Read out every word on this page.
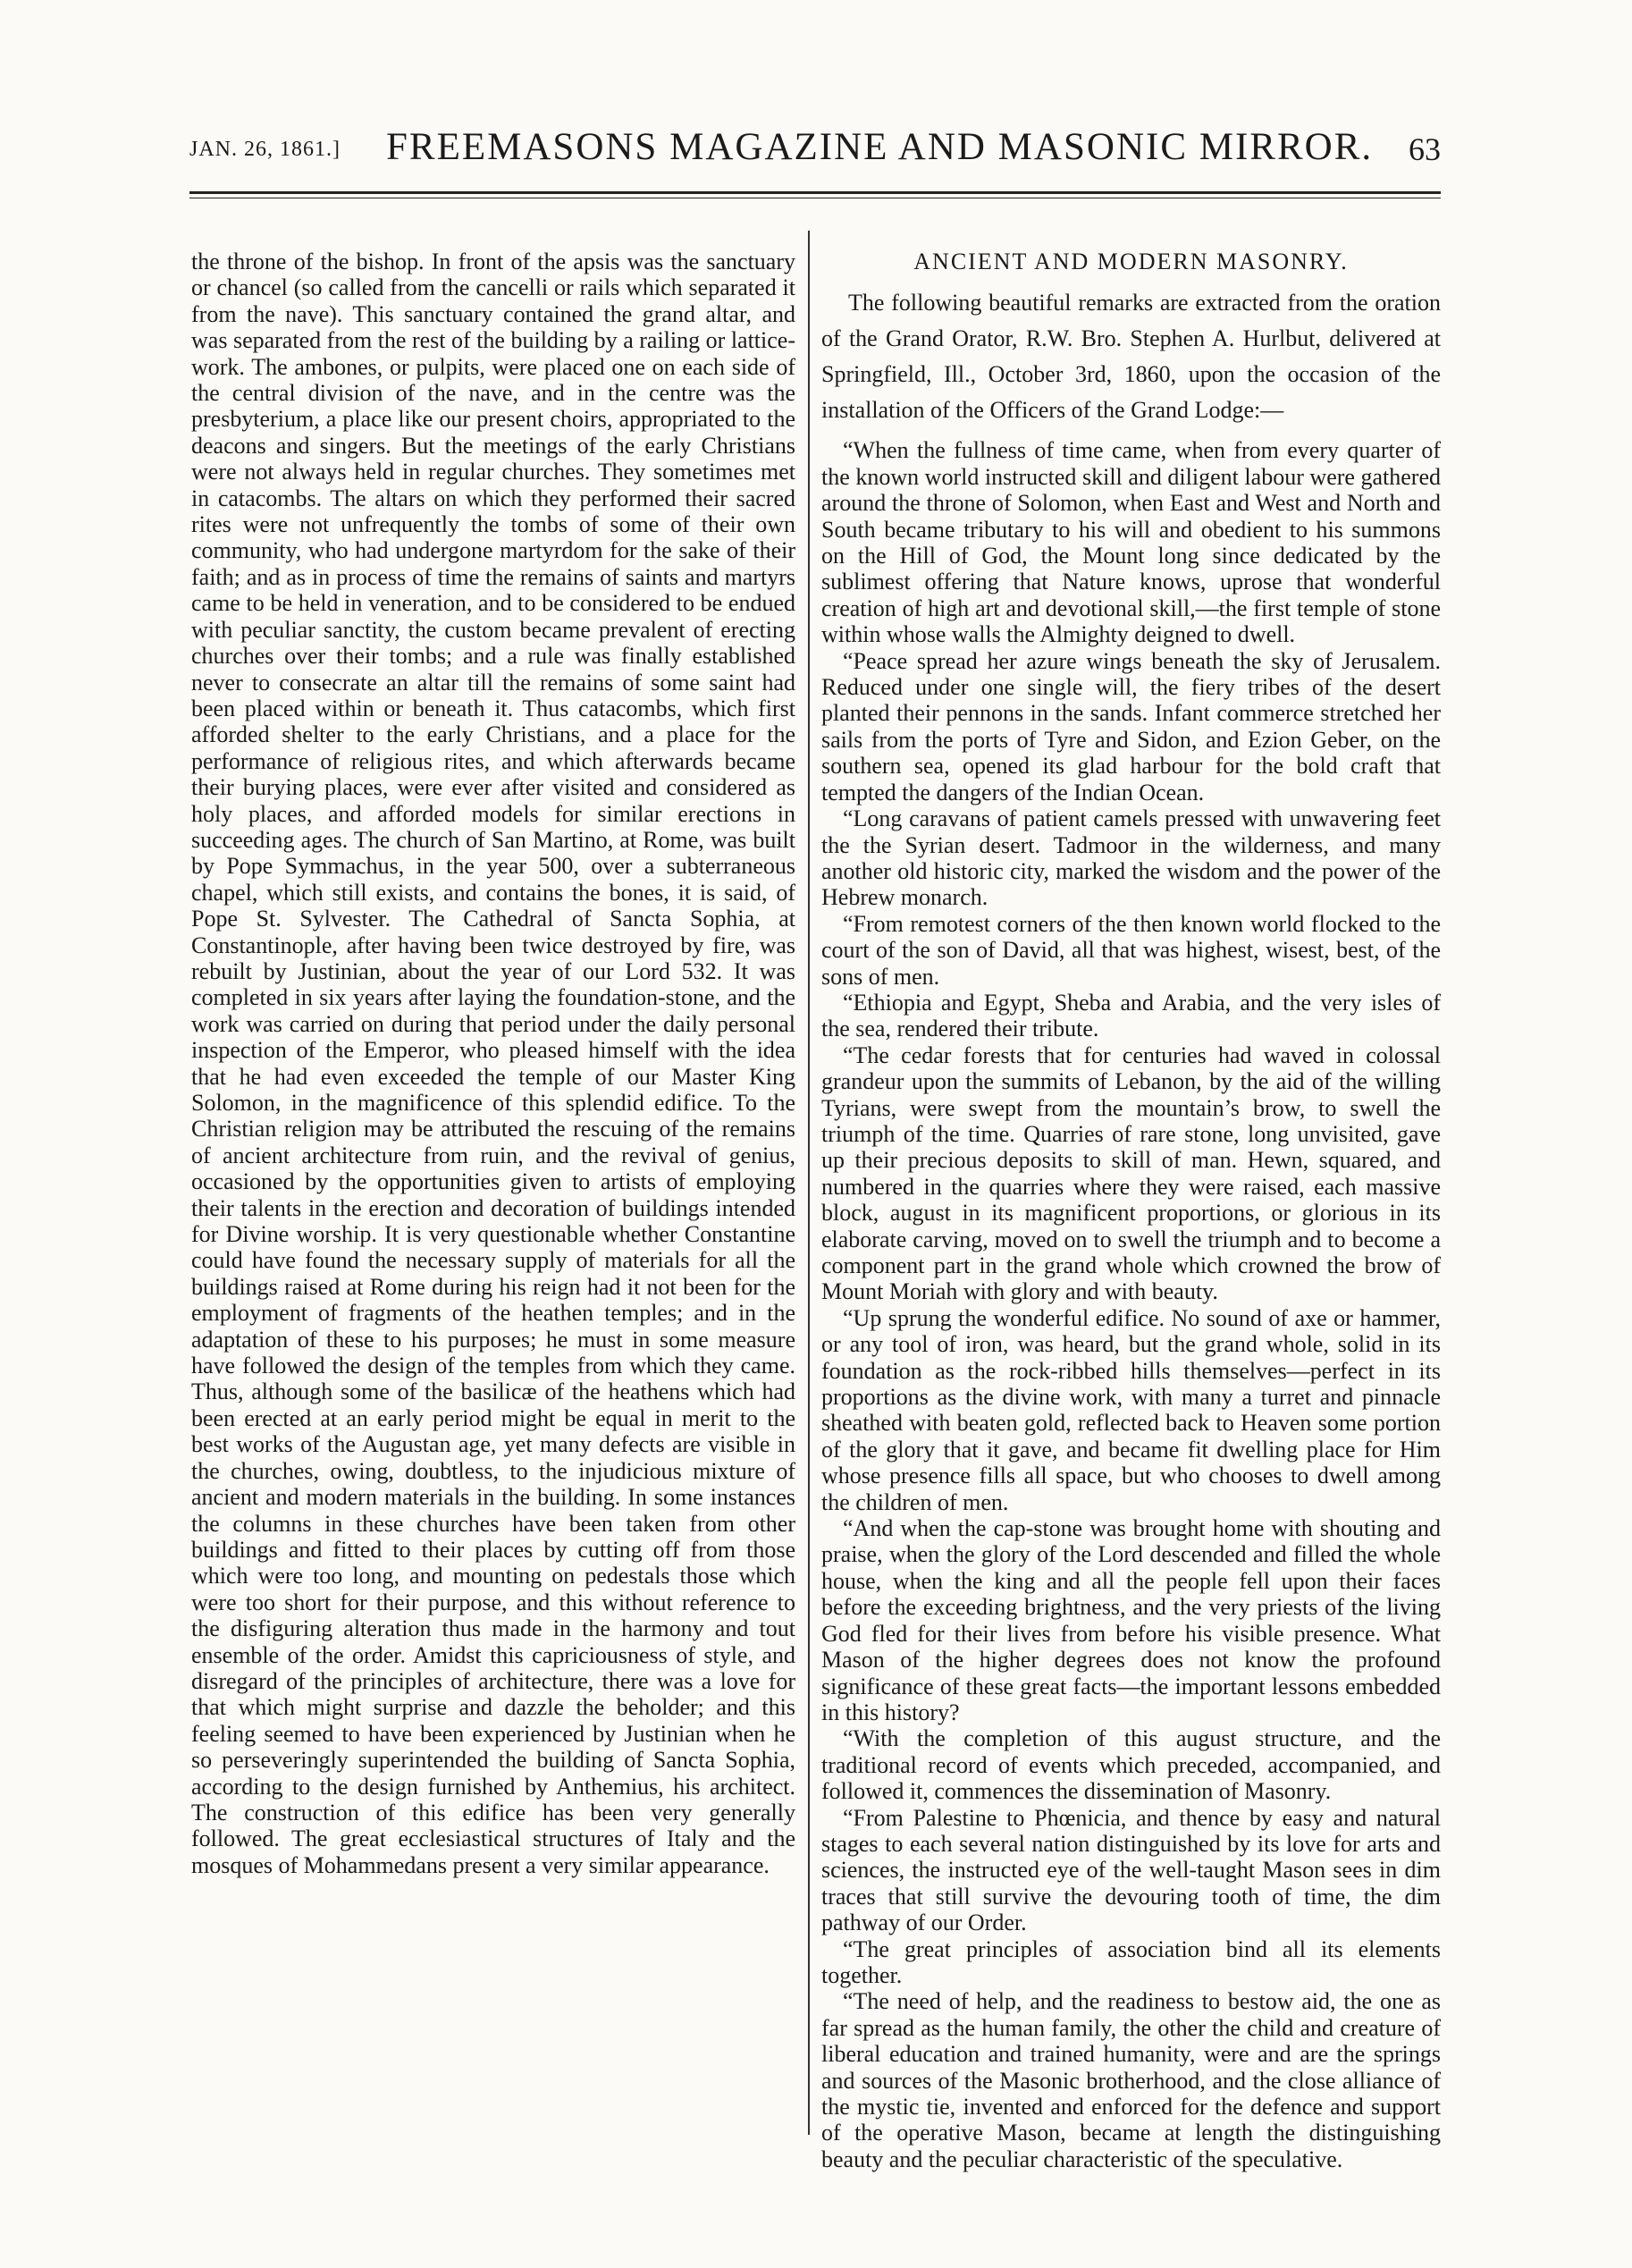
JAN. 26, 1861.] FREEMASONS MAGAZINE AND MASONIC MIRROR. 63

the throne of the bishop. In front of the apsis was the sanctuary or chancel (so called from the cancelli or rails which separated it from the nave). This sanctuary contained the grand altar, and was separated from the rest of the building by a railing or lattice-work. The ambones, or pulpits, were placed one on each side of the central division of the nave, and in the centre was the presbyterium, a place like our present choirs, appropriated to the deacons and singers. But the meetings of the early Christians were not always held in regular churches. They sometimes met in catacombs. The altars on which they performed their sacred rites were not unfrequently the tombs of some of their own community, who had undergone martyrdom for the sake of their faith; and as in process of time the remains of saints and martyrs came to be held in veneration, and to be considered to be endued with peculiar sanctity, the custom became prevalent of erecting churches over their tombs; and a rule was finally established never to consecrate an altar till the remains of some saint had been placed within or beneath it. Thus catacombs, which first afforded shelter to the early Christians, and a place for the performance of religious rites, and which afterwards became their burying places, were ever after visited and considered as holy places, and afforded models for similar erections in succeeding ages. The church of San Martino, at Rome, was built by Pope Symmachus, in the year 500, over a subterraneous chapel, which still exists, and contains the bones, it is said, of Pope St. Sylvester. The Cathedral of Sancta Sophia, at Constantinople, after having been twice destroyed by fire, was rebuilt by Justinian, about the year of our Lord 532. It was completed in six years after laying the foundation-stone, and the work was carried on during that period under the daily personal inspection of the Emperor, who pleased himself with the idea that he had even exceeded the temple of our Master King Solomon, in the magnificence of this splendid edifice. To the Christian religion may be attributed the rescuing of the remains of ancient architecture from ruin, and the revival of genius, occasioned by the opportunities given to artists of employing their talents in the erection and decoration of buildings intended for Divine worship. It is very questionable whether Constantine could have found the necessary supply of materials for all the buildings raised at Rome during his reign had it not been for the employment of fragments of the heathen temples; and in the adaptation of these to his purposes; he must in some measure have followed the design of the temples from which they came. Thus, although some of the basilicæ of the heathens which had been erected at an early period might be equal in merit to the best works of the Augustan age, yet many defects are visible in the churches, owing, doubtless, to the injudicious mixture of ancient and modern materials in the building. In some instances the columns in these churches have been taken from other buildings and fitted to their places by cutting off from those which were too long, and mounting on pedestals those which were too short for their purpose, and this without reference to the disfiguring alteration thus made in the harmony and tout ensemble of the order. Amidst this capriciousness of style, and disregard of the principles of architecture, there was a love for that which might surprise and dazzle the beholder; and this feeling seemed to have been experienced by Justinian when he so perseveringly superintended the building of Sancta Sophia, according to the design furnished by Anthemius, his architect. The construction of this edifice has been very generally followed. The great ecclesiastical structures of Italy and the mosques of Mohammedans present a very similar appearance.

ANCIENT AND MODERN MASONRY.

The following beautiful remarks are extracted from the oration of the Grand Orator, R.W. Bro. Stephen A. Hurlbut, delivered at Springfield, Ill., October 3rd, 1860, upon the occasion of the installation of the Officers of the Grand Lodge:—

“When the fullness of time came, when from every quarter of the known world instructed skill and diligent labour were gathered around the throne of Solomon, when East and West and North and South became tributary to his will and obedient to his summons on the Hill of God, the Mount long since dedicated by the sublimest offering that Nature knows, uprose that wonderful creation of high art and devotional skill,—the first temple of stone within whose walls the Almighty deigned to dwell.

“Peace spread her azure wings beneath the sky of Jerusalem. Reduced under one single will, the fiery tribes of the desert planted their pennons in the sands. Infant commerce stretched her sails from the ports of Tyre and Sidon, and Ezion Geber, on the southern sea, opened its glad harbour for the bold craft that tempted the dangers of the Indian Ocean.

“Long caravans of patient camels pressed with unwavering feet the the Syrian desert. Tadmoor in the wilderness, and many another old historic city, marked the wisdom and the power of the Hebrew monarch.

“From remotest corners of the then known world flocked to the court of the son of David, all that was highest, wisest, best, of the sons of men.

“Ethiopia and Egypt, Sheba and Arabia, and the very isles of the sea, rendered their tribute.

“The cedar forests that for centuries had waved in colossal grandeur upon the summits of Lebanon, by the aid of the willing Tyrians, were swept from the mountain’s brow, to swell the triumph of the time. Quarries of rare stone, long unvisited, gave up their precious deposits to skill of man. Hewn, squared, and numbered in the quarries where they were raised, each massive block, august in its magnificent proportions, or glorious in its elaborate carving, moved on to swell the triumph and to become a component part in the grand whole which crowned the brow of Mount Moriah with glory and with beauty.

“Up sprung the wonderful edifice. No sound of axe or hammer, or any tool of iron, was heard, but the grand whole, solid in its foundation as the rock-ribbed hills themselves—perfect in its proportions as the divine work, with many a turret and pinnacle sheathed with beaten gold, reflected back to Heaven some portion of the glory that it gave, and became fit dwelling place for Him whose presence fills all space, but who chooses to dwell among the children of men.

“And when the cap-stone was brought home with shouting and praise, when the glory of the Lord descended and filled the whole house, when the king and all the people fell upon their faces before the exceeding brightness, and the very priests of the living God fled for their lives from before his visible presence. What Mason of the higher degrees does not know the profound significance of these great facts—the important lessons embedded in this history?

“With the completion of this august structure, and the traditional record of events which preceded, accompanied, and followed it, commences the dissemination of Masonry.

“From Palestine to Phœnicia, and thence by easy and natural stages to each several nation distinguished by its love for arts and sciences, the instructed eye of the well-taught Mason sees in dim traces that still survive the devouring tooth of time, the dim pathway of our Order.

“The great principles of association bind all its elements together.

“The need of help, and the readiness to bestow aid, the one as far spread as the human family, the other the child and creature of liberal education and trained humanity, were and are the springs and sources of the Masonic brotherhood, and the close alliance of the mystic tie, invented and enforced for the defence and support of the operative Mason, became at length the distinguishing beauty and the peculiar characteristic of the speculative.
